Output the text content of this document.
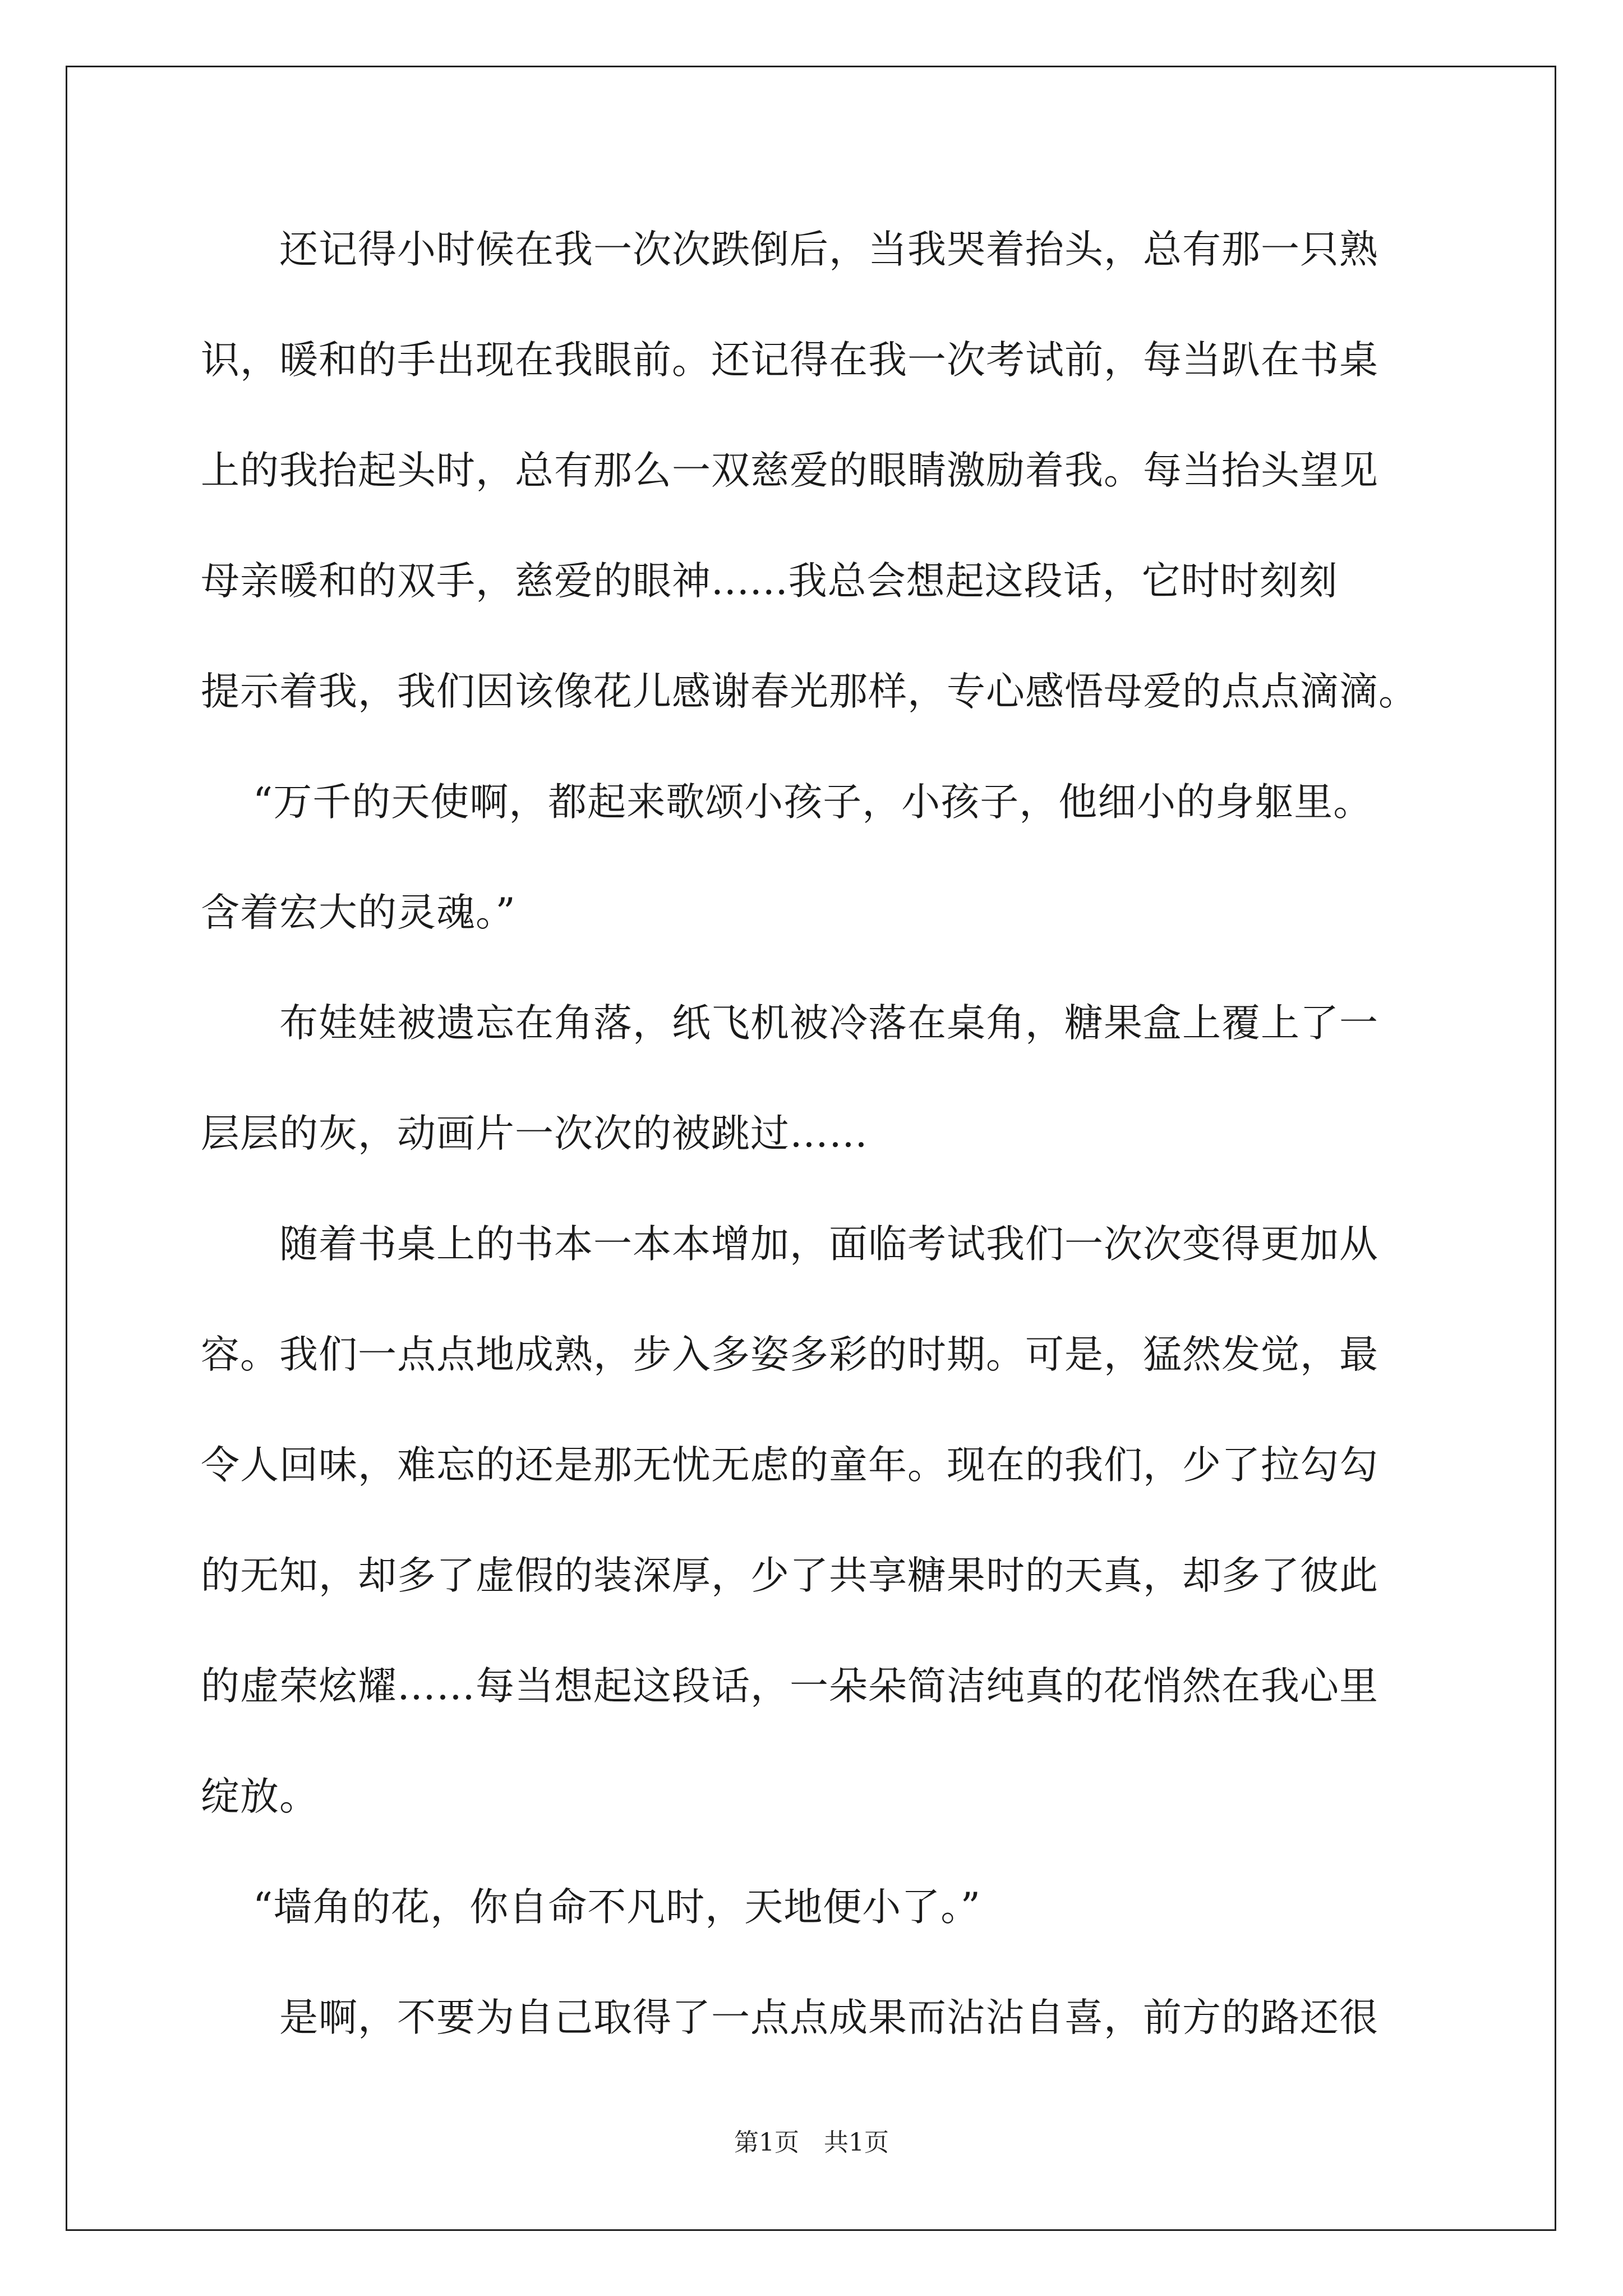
　　还记得小时候在我一次次跌倒后，当我哭着抬头，总有那一只熟
识，暖和的手出现在我眼前。还记得在我一次考试前，每当趴在书桌
上的我抬起头时，总有那么一双慈爱的眼睛激励着我。每当抬头望见
母亲暖和的双手，慈爱的眼神......我总会想起这段话，它时时刻刻
提示着我，我们因该像花儿感谢春光那样，专心感悟母爱的点点滴滴。
　 “万千的天使啊，都起来歌颂小孩子，小孩子，他细小的身躯里。
含着宏大的灵魂。”
　　布娃娃被遗忘在角落，纸飞机被冷落在桌角，糖果盒上覆上了一
层层的灰，动画片一次次的被跳过……
　　随着书桌上的书本一本本增加，面临考试我们一次次变得更加从
容。我们一点点地成熟，步入多姿多彩的时期。可是，猛然发觉，最
令人回味，难忘的还是那无忧无虑的童年。现在的我们，少了拉勾勾
的无知，却多了虚假的装深厚，少了共享糖果时的天真，却多了彼此
的虚荣炫耀……每当想起这段话，一朵朵简洁纯真的花悄然在我心里
绽放。
　 “墙角的花，你自命不凡时，天地便小了。”
　　是啊，不要为自己取得了一点点成果而沾沾自喜，前方的路还很
第1页　共1页
